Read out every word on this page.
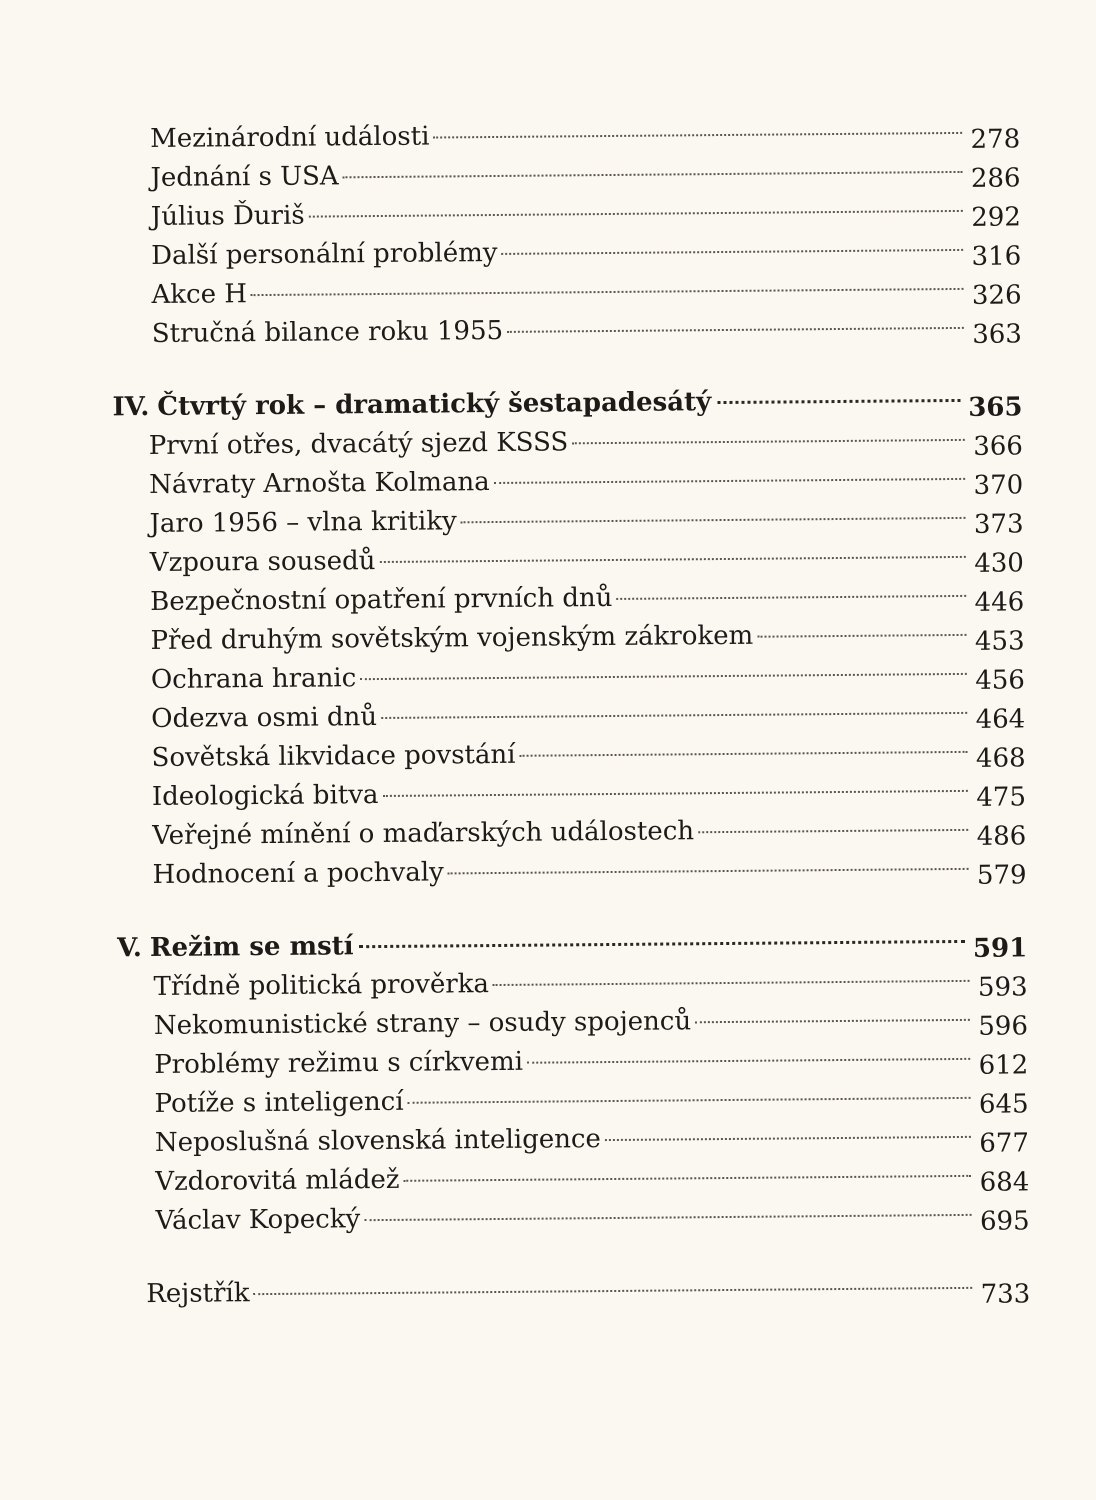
Mezinárodní události	278
Jednání s USA	286
Július Ďuriš	292
Další personální problémy	316
Akce H	326
Stručná bilance roku 1955	363
IV. Čtvrtý rok – dramatický šestapadesátý	365
První otřes, dvacátý sjezd KSSS	366
Návraty Arnošta Kolmana	370
Jaro 1956 – vlna kritiky	373
Vzpoura sousedů	430
Bezpečnostní opatření prvních dnů	446
Před druhým sovětským vojenským zákrokem	453
Ochrana hranic	456
Odezva osmi dnů	464
Sovětská likvidace povstání	468
Ideologická bitva	475
Veřejné mínění o maďarských událostech	486
Hodnocení a pochvaly	579
V. Režim se mstí	591
Třídně politická prověrka	593
Nekomunistické strany – osudy spojenců	596
Problémy režimu s církvemi	612
Potíže s inteligencí	645
Neposlušná slovenská inteligence	677
Vzdorovitá mládež	684
Václav Kopecký	695
Rejstřík	733
